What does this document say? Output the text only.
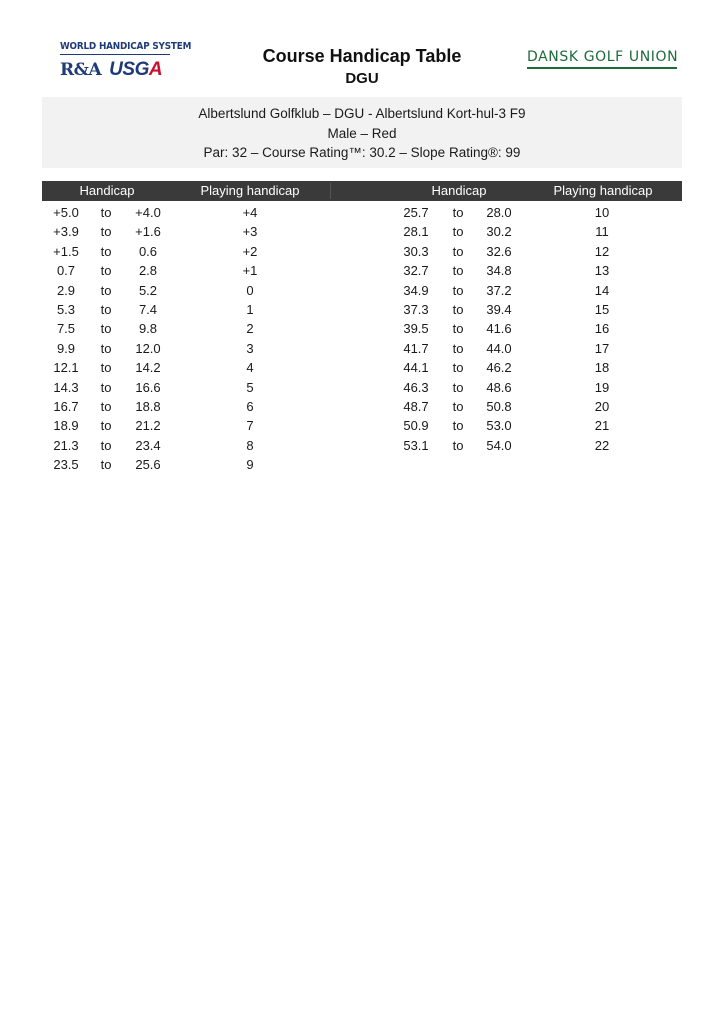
WORLD HANDICAP SYSTEM
R&A USGA
Course Handicap Table
DGU
DANSK GOLF UNION
Albertslund Golfklub – DGU - Albertslund Kort-hul-3 F9
Male – Red
Par: 32 – Course Rating™: 30.2 – Slope Rating®: 99
Handicap	Playing handicap	Handicap	Playing handicap
+5.0	to	+4.0	+4
+3.9	to	+1.6	+3
+1.5	to	0.6	+2
0.7	to	2.8	+1
2.9	to	5.2	0
5.3	to	7.4	1
7.5	to	9.8	2
9.9	to	12.0	3
12.1	to	14.2	4
14.3	to	16.6	5
16.7	to	18.8	6
18.9	to	21.2	7
21.3	to	23.4	8
23.5	to	25.6	9
25.7	to	28.0	10
28.1	to	30.2	11
30.3	to	32.6	12
32.7	to	34.8	13
34.9	to	37.2	14
37.3	to	39.4	15
39.5	to	41.6	16
41.7	to	44.0	17
44.1	to	46.2	18
46.3	to	48.6	19
48.7	to	50.8	20
50.9	to	53.0	21
53.1	to	54.0	22
